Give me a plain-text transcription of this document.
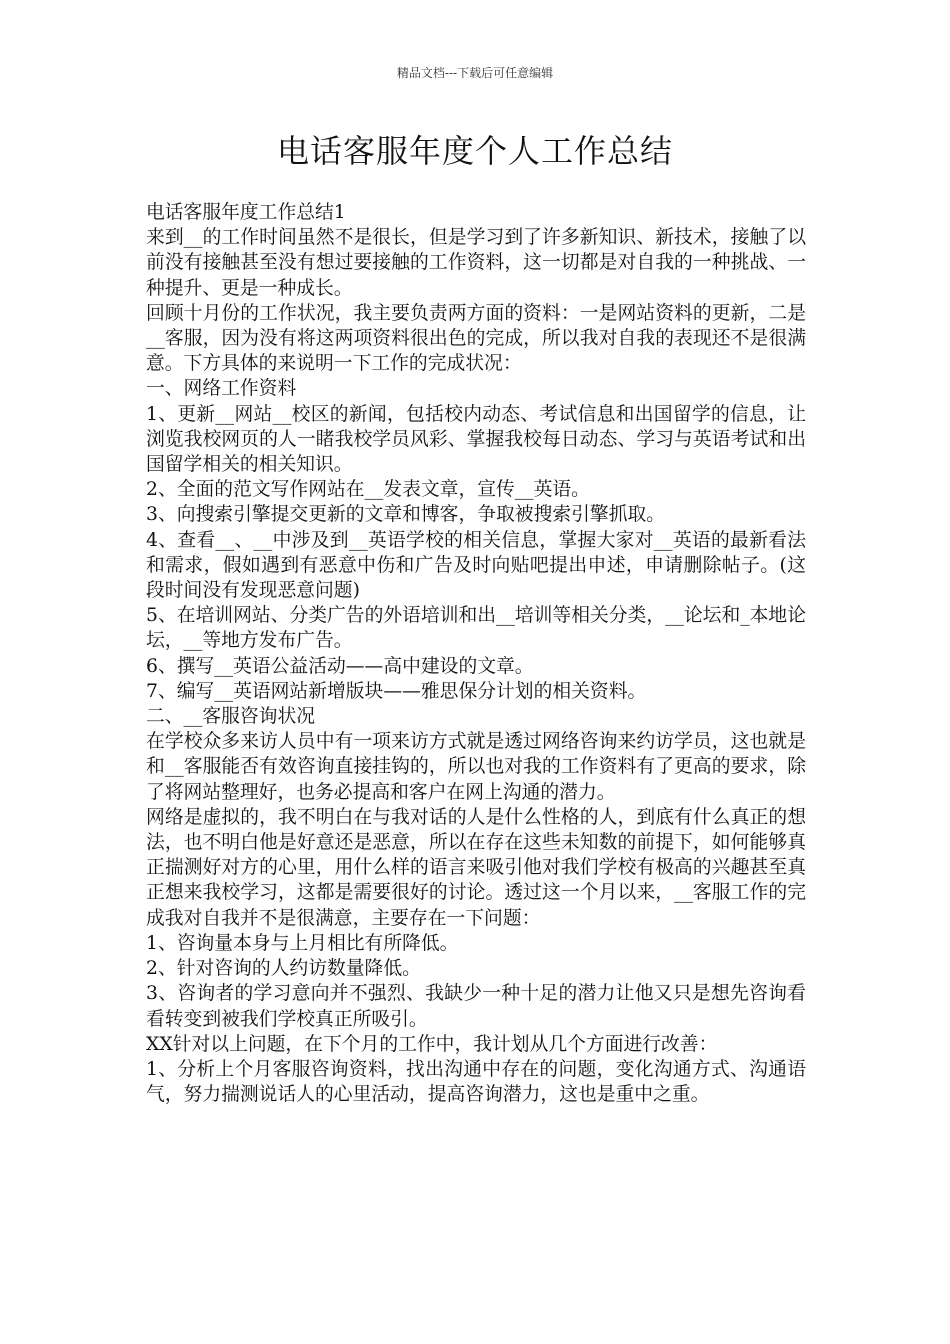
精品文档---下载后可任意编辑
电话客服年度个人工作总结

电话客服年度工作总结1

来到__的工作时间虽然不是很长，但是学习到了许多新知识、新技术，接触了以前没有接触甚至没有想过要接触的工作资料，这一切都是对自我的一种挑战、一种提升、更是一种成长。

回顾十月份的工作状况，我主要负责两方面的资料：一是网站资料的更新，二是__客服，因为没有将这两项资料很出色的完成，所以我对自我的表现还不是很满意。下方具体的来说明一下工作的完成状况：

一、网络工作资料

1、更新__网站__校区的新闻，包括校内动态、考试信息和出国留学的信息，让浏览我校网页的人一睹我校学员风彩、掌握我校每日动态、学习与英语考试和出国留学相关的相关知识。

2、全面的范文写作网站在__发表文章，宣传__英语。

3、向搜索引擎提交更新的文章和博客，争取被搜索引擎抓取。

4、查看__、__中涉及到__英语学校的相关信息，掌握大家对__英语的最新看法和需求，假如遇到有恶意中伤和广告及时向贴吧提出申述，申请删除帖子。(这段时间没有发现恶意问题)

5、在培训网站、分类广告的外语培训和出__培训等相关分类，__论坛和_本地论坛，__等地方发布广告。

6、撰写__英语公益活动——高中建设的文章。

7、编写__英语网站新增版块——雅思保分计划的相关资料。

二、__客服咨询状况

在学校众多来访人员中有一项来访方式就是透过网络咨询来约访学员，这也就是和__客服能否有效咨询直接挂钩的，所以也对我的工作资料有了更高的要求，除了将网站整理好，也务必提高和客户在网上沟通的潜力。

网络是虚拟的，我不明白在与我对话的人是什么性格的人，到底有什么真正的想法，也不明白他是好意还是恶意，所以在存在这些未知数的前提下，如何能够真正揣测好对方的心里，用什么样的语言来吸引他对我们学校有极高的兴趣甚至真正想来我校学习，这都是需要很好的讨论。透过这一个月以来，__客服工作的完成我对自我并不是很满意，主要存在一下问题：

1、咨询量本身与上月相比有所降低。

2、针对咨询的人约访数量降低。

3、咨询者的学习意向并不强烈、我缺少一种十足的潜力让他又只是想先咨询看看转变到被我们学校真正所吸引。

XX针对以上问题，在下个月的工作中，我计划从几个方面进行改善：

1、分析上个月客服咨询资料，找出沟通中存在的问题，变化沟通方式、沟通语气，努力揣测说话人的心里活动，提高咨询潜力，这也是重中之重。
